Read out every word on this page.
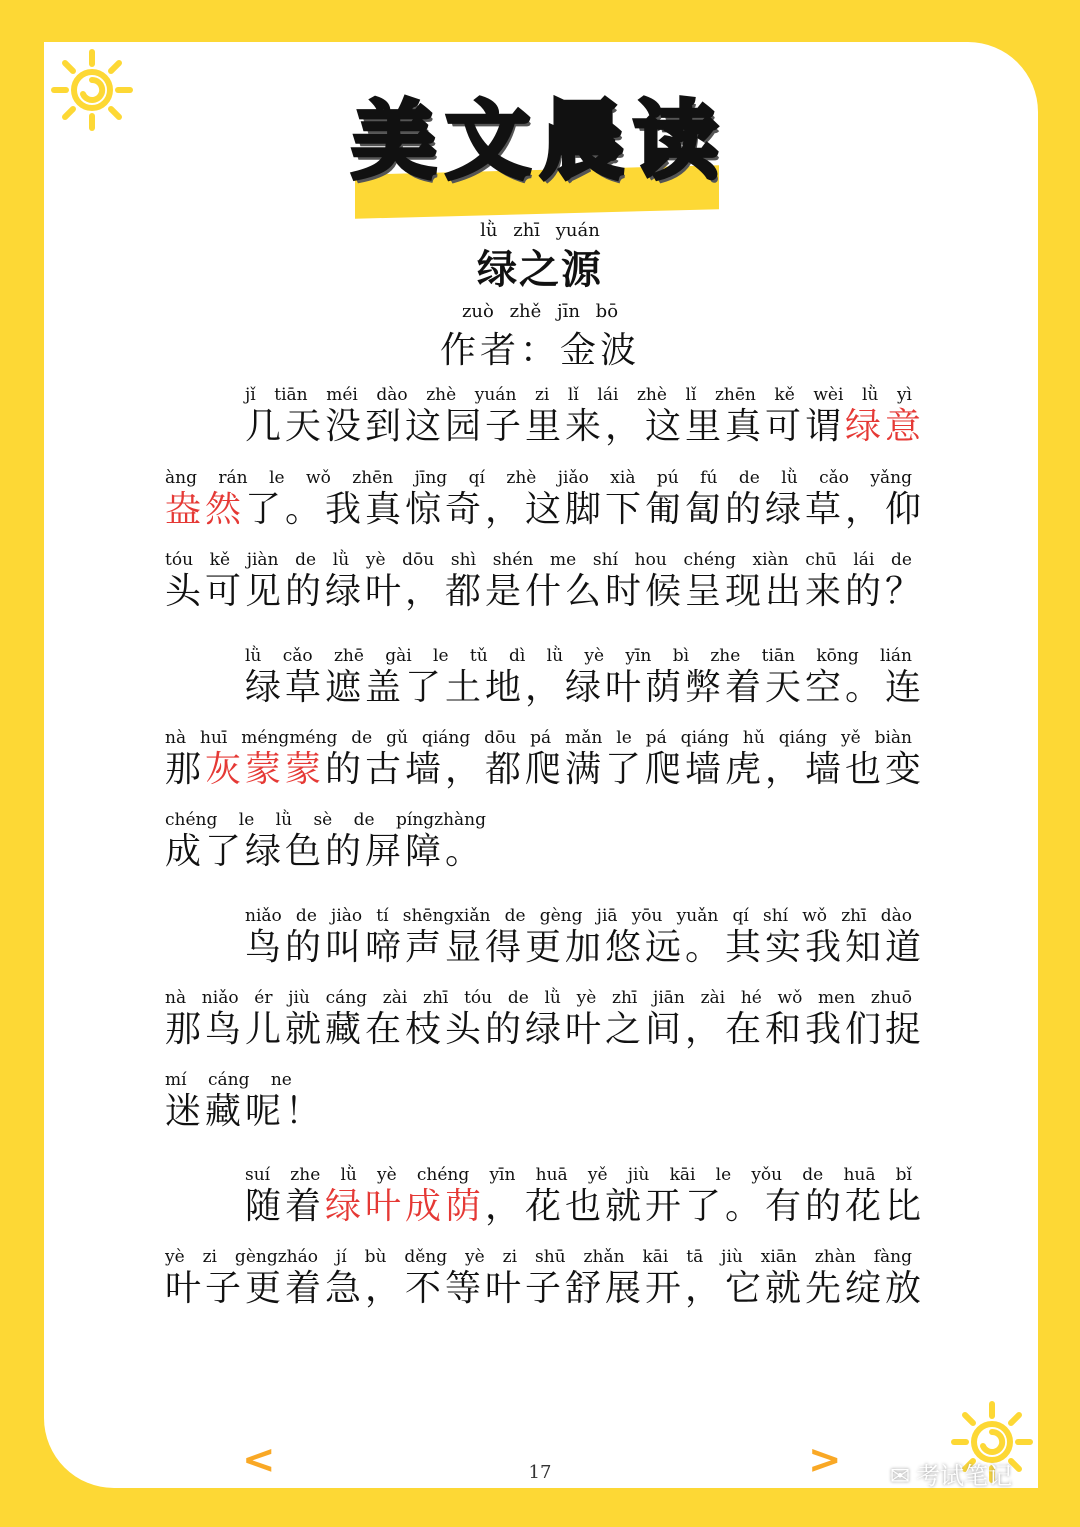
美文晨读
lǜ zhī yuán
绿之源
zuò zhě jīn bō
作者：金波
jǐ tiān méi dào zhè yuán zi lǐ lái zhè lǐ zhēn kě wèi lǜ yì
几天没到这园子里来，这里真可谓绿意
àng rán le wǒ zhēn jīng qí zhè jiǎo xià pú fú de lǜ cǎo yǎng
盎然了。我真惊奇，这脚下匍匐的绿草，仰
tóu kě jiàn de lǜ yè dōu shì shén me shí hou chéng xiàn chū lái de
头可见的绿叶，都是什么时候呈现出来的？
lǜ cǎo zhē gài le tǔ dì lǜ yè yīn bì zhe tiān kōng lián
绿草遮盖了土地，绿叶荫弊着天空。连
nà huī méngméng de gǔ qiáng dōu pá mǎn le pá qiáng hǔ qiáng yě biàn
那灰蒙蒙的古墙，都爬满了爬墙虎，墙也变
chéng le lǜ sè de píngzhàng
成了绿色的屏障。
niǎo de jiào tí shēngxiǎn de gèng jiā yōu yuǎn qí shí wǒ zhī dào
鸟的叫啼声显得更加悠远。其实我知道
nà niǎo ér jiù cáng zài zhī tóu de lǜ yè zhī jiān zài hé wǒ men zhuō
那鸟儿就藏在枝头的绿叶之间，在和我们捉
mí cáng ne
迷藏呢！
suí zhe lǜ yè chéng yīn huā yě jiù kāi le yǒu de huā bǐ
随着绿叶成荫，花也就开了。有的花比
yè zi gèngzháo jí bù děng yè zi shū zhǎn kāi tā jiù xiān zhàn fàng
叶子更着急，不等叶子舒展开，它就先绽放
<	>
17	✉ 考试笔记
